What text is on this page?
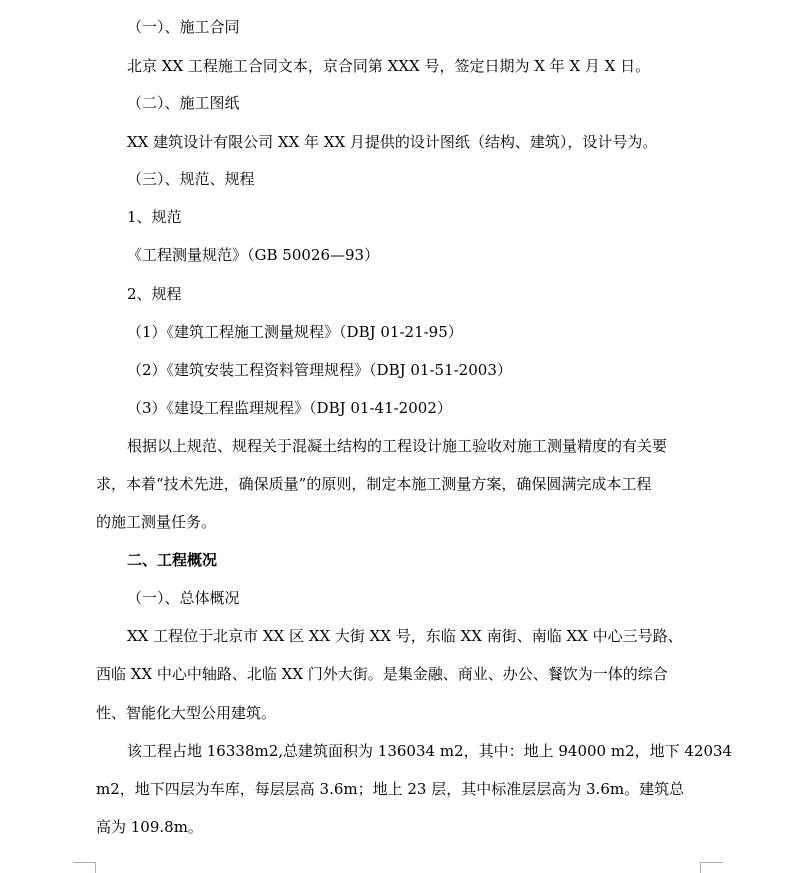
（一）、施工合同
北京 XX 工程施工合同文本，京合同第 XXX 号，签定日期为 X 年 X 月 X 日。
（二）、施工图纸
XX 建筑设计有限公司 XX 年 XX 月提供的设计图纸（结构、建筑），设计号为。
（三）、规范、规程
1、规范
《工程测量规范》（GB 50026—93）
2、规程
（1）《建筑工程施工测量规程》（DBJ 01-21-95）
（2）《建筑安装工程资料管理规程》（DBJ 01-51-2003）
（3）《建设工程监理规程》（DBJ 01-41-2002）
根据以上规范、规程关于混凝土结构的工程设计施工验收对施工测量精度的有关要
求，本着“技术先进，确保质量”的原则，制定本施工测量方案，确保圆满完成本工程
的施工测量任务。
二、工程概况
（一）、总体概况
XX 工程位于北京市 XX 区 XX 大街 XX 号，东临 XX 南街、南临 XX 中心三号路、
西临 XX 中心中轴路、北临 XX 门外大街。是集金融、商业、办公、餐饮为一体的综合
性、智能化大型公用建筑。
该工程占地 16338m2,总建筑面积为 136034 m2，其中：地上 94000 m2，地下 42034
m2，地下四层为车库，每层层高 3.6m；地上 23 层，其中标准层层高为 3.6m。建筑总
高为 109.8m。
